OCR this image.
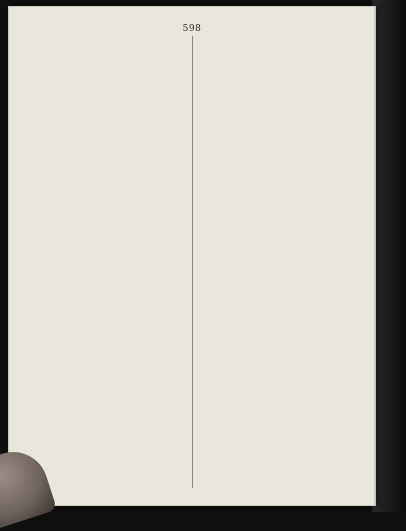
598
